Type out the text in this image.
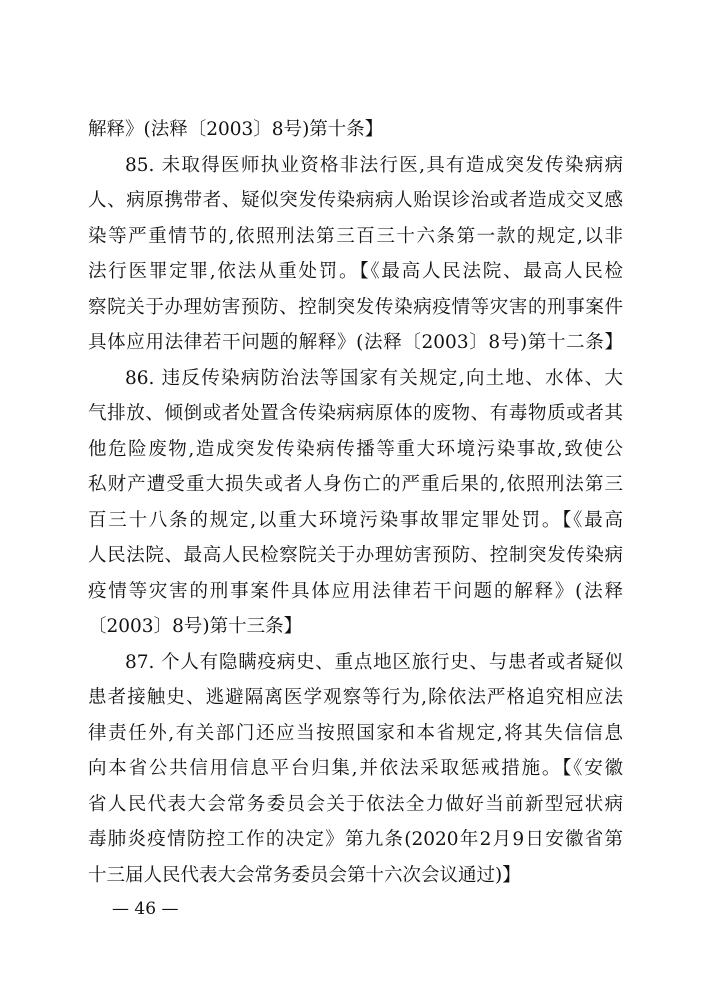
解释》(法释〔2003〕8号)第十条】
85. 未取得医师执业资格非法行医,具有造成突发传染病病
人、病原携带者、疑似突发传染病病人贻误诊治或者造成交叉感
染等严重情节的,依照刑法第三百三十六条第一款的规定,以非
法行医罪定罪,依法从重处罚。【《最高人民法院、最高人民检
察院关于办理妨害预防、控制突发传染病疫情等灾害的刑事案件
具体应用法律若干问题的解释》(法释〔2003〕8号)第十二条】
86. 违反传染病防治法等国家有关规定,向土地、水体、大
气排放、倾倒或者处置含传染病病原体的废物、有毒物质或者其
他危险废物,造成突发传染病传播等重大环境污染事故,致使公
私财产遭受重大损失或者人身伤亡的严重后果的,依照刑法第三
百三十八条的规定,以重大环境污染事故罪定罪处罚。【《最高
人民法院、最高人民检察院关于办理妨害预防、控制突发传染病
疫情等灾害的刑事案件具体应用法律若干问题的解释》(法释
〔2003〕8号)第十三条】
87. 个人有隐瞒疫病史、重点地区旅行史、与患者或者疑似
患者接触史、逃避隔离医学观察等行为,除依法严格追究相应法
律责任外,有关部门还应当按照国家和本省规定,将其失信信息
向本省公共信用信息平台归集,并依法采取惩戒措施。【《安徽
省人民代表大会常务委员会关于依法全力做好当前新型冠状病
毒肺炎疫情防控工作的决定》第九条(2020年2月9日安徽省第
十三届人民代表大会常务委员会第十六次会议通过)】
— 46 —
